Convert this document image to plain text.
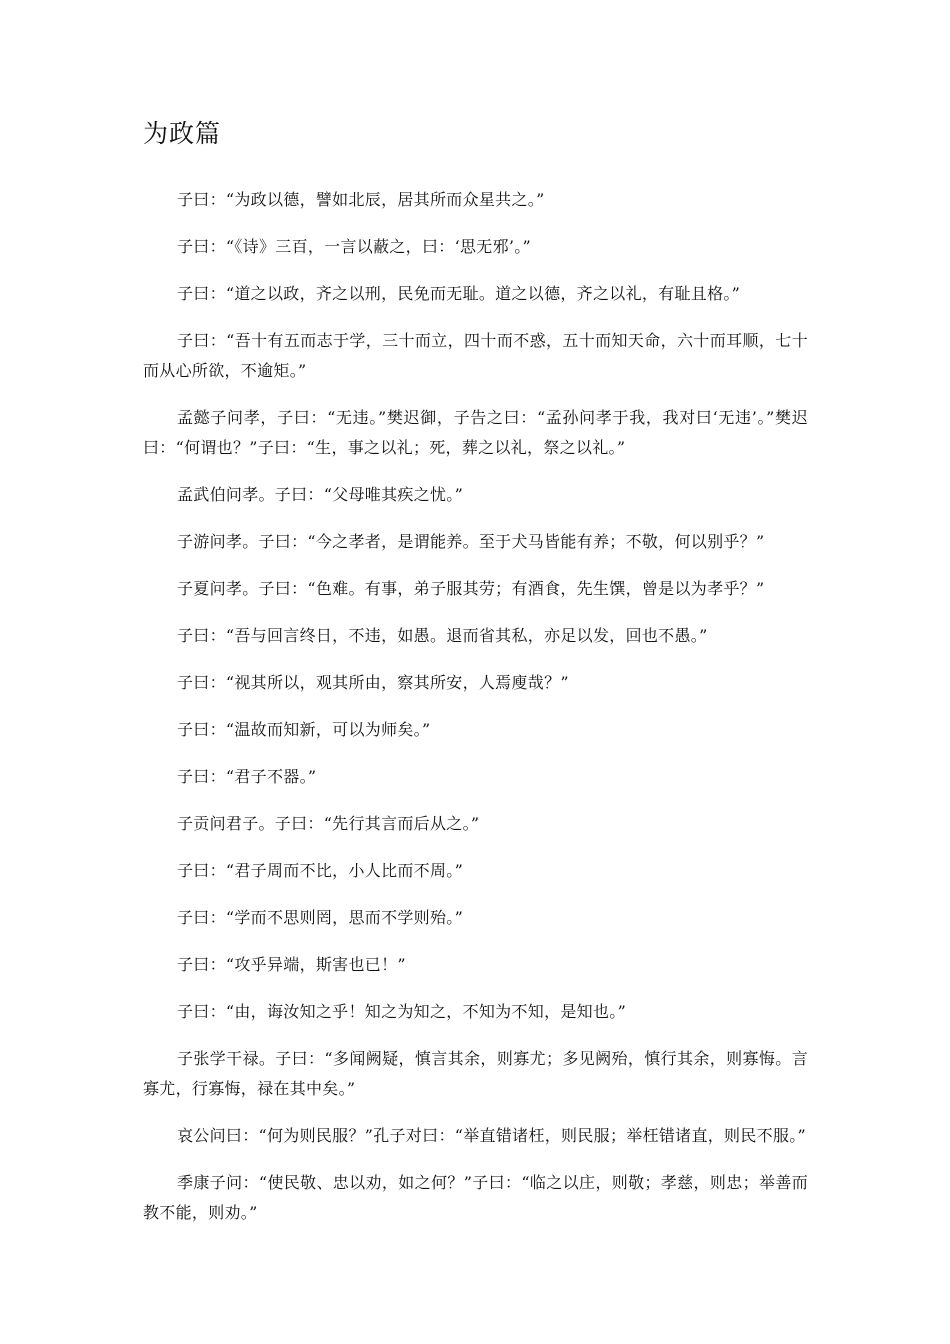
为政篇

子曰：“为政以德，譬如北辰，居其所而众星共之。”

子曰：“《诗》三百，一言以蔽之，曰：‘思无邪’。”

子曰：“道之以政，齐之以刑，民免而无耻。道之以德，齐之以礼，有耻且格。”

子曰：“吾十有五而志于学，三十而立，四十而不惑，五十而知天命，六十而耳顺，七十而从心所欲，不逾矩。”

孟懿子问孝，子曰：“无违。”樊迟御，子告之曰：“孟孙问孝于我，我对曰‘无违’。”樊迟曰：“何谓也？”子曰：“生，事之以礼；死，葬之以礼，祭之以礼。”

孟武伯问孝。子曰：“父母唯其疾之忧。”

子游问孝。子曰：“今之孝者，是谓能养。至于犬马皆能有养；不敬，何以别乎？”

子夏问孝。子曰：“色难。有事，弟子服其劳；有酒食，先生馔，曾是以为孝乎？”

子曰：“吾与回言终日，不违，如愚。退而省其私，亦足以发，回也不愚。”

子曰：“视其所以，观其所由，察其所安，人焉廋哉？”

子曰：“温故而知新，可以为师矣。”

子曰：“君子不器。”

子贡问君子。子曰：“先行其言而后从之。”

子曰：“君子周而不比，小人比而不周。”

子曰：“学而不思则罔，思而不学则殆。”

子曰：“攻乎异端，斯害也已！”

子曰：“由，诲汝知之乎！知之为知之，不知为不知，是知也。”

子张学干禄。子曰：“多闻阙疑，慎言其余，则寡尤；多见阙殆，慎行其余，则寡悔。言寡尤，行寡悔，禄在其中矣。”

哀公问曰：“何为则民服？”孔子对曰：“举直错诸枉，则民服；举枉错诸直，则民不服。”

季康子问：“使民敬、忠以劝，如之何？”子曰：“临之以庄，则敬；孝慈，则忠；举善而教不能，则劝。”
